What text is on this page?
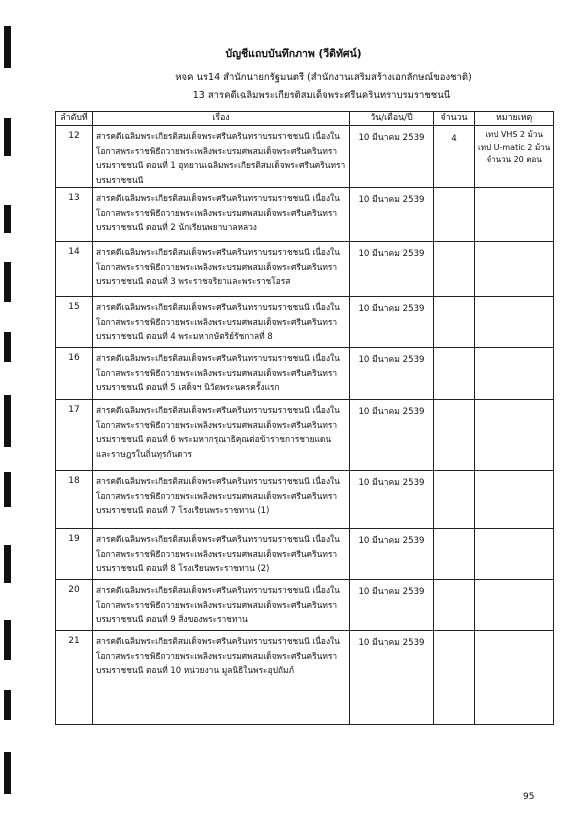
บัญชีแถบบันทึกภาพ (วีดิทัศน์)
หจค นร14 สำนักนายกรัฐมนตรี (สำนักงานเสริมสร้างเอกลักษณ์ของชาติ)
13 สารคดีเฉลิมพระเกียรติสมเด็จพระศรีนครินทราบรมราชชนนี
ลำดับที่	เรื่อง	วัน/เดือน/ปี	จำนวน	หมายเหตุ
12	สารคดีเฉลิมพระเกียรติสมเด็จพระศรีนครินทราบรมราชชนนี เนื่องใน
โอกาสพระราชพิธีถวายพระเพลิงพระบรมศพสมเด็จพระศรีนครินทรา
บรมราชชนนี ตอนที่ 1 อุทยานเฉลิมพระเกียรติสมเด็จพระศรีนครินทรา
บรมราชชนนี	10 มีนาคม 2539	4	เทป VHS 2 ม้วน
เทป U-matic 2 ม้วน
จำนวน 20 ตอน

13	สารคดีเฉลิมพระเกียรติสมเด็จพระศรีนครินทราบรมราชชนนี เนื่องใน
โอกาสพระราชพิธีถวายพระเพลิงพระบรมศพสมเด็จพระศรีนครินทรา
บรมราชชนนี ตอนที่ 2 นักเรียนพยาบาลหลวง	10 มีนาคม 2539		
14	สารคดีเฉลิมพระเกียรติสมเด็จพระศรีนครินทราบรมราชชนนี เนื่องใน
โอกาสพระราชพิธีถวายพระเพลิงพระบรมศพสมเด็จพระศรีนครินทรา
บรมราชชนนี ตอนที่ 3 พระราชจริยาและพระราชโอรส	10 มีนาคม 2539		
15	สารคดีเฉลิมพระเกียรติสมเด็จพระศรีนครินทราบรมราชชนนี เนื่องใน
โอกาสพระราชพิธีถวายพระเพลิงพระบรมศพสมเด็จพระศรีนครินทรา
บรมราชชนนี ตอนที่ 4 พระมหากษัตริย์รัชกาลที่ 8	10 มีนาคม 2539		
16	สารคดีเฉลิมพระเกียรติสมเด็จพระศรีนครินทราบรมราชชนนี เนื่องใน
โอกาสพระราชพิธีถวายพระเพลิงพระบรมศพสมเด็จพระศรีนครินทรา
บรมราชชนนี ตอนที่ 5 เสด็จฯ นิวัตพระนครครั้งแรก	10 มีนาคม 2539		
17	สารคดีเฉลิมพระเกียรติสมเด็จพระศรีนครินทราบรมราชชนนี เนื่องใน
โอกาสพระราชพิธีถวายพระเพลิงพระบรมศพสมเด็จพระศรีนครินทรา
บรมราชชนนี ตอนที่ 6 พระมหากรุณาธิคุณต่อข้าราชการชายแดน
และราษฎรในถิ่นทุรกันดาร	10 มีนาคม 2539		
18	สารคดีเฉลิมพระเกียรติสมเด็จพระศรีนครินทราบรมราชชนนี เนื่องใน
โอกาสพระราชพิธีถวายพระเพลิงพระบรมศพสมเด็จพระศรีนครินทรา
บรมราชชนนี ตอนที่ 7 โรงเรียนพระราชทาน (1)	10 มีนาคม 2539		
19	สารคดีเฉลิมพระเกียรติสมเด็จพระศรีนครินทราบรมราชชนนี เนื่องใน
โอกาสพระราชพิธีถวายพระเพลิงพระบรมศพสมเด็จพระศรีนครินทรา
บรมราชชนนี ตอนที่ 8 โรงเรียนพระราชทาน (2)	10 มีนาคม 2539		
20	สารคดีเฉลิมพระเกียรติสมเด็จพระศรีนครินทราบรมราชชนนี เนื่องใน
โอกาสพระราชพิธีถวายพระเพลิงพระบรมศพสมเด็จพระศรีนครินทรา
บรมราชชนนี ตอนที่ 9 สิ่งของพระราชทาน	10 มีนาคม 2539		
21	สารคดีเฉลิมพระเกียรติสมเด็จพระศรีนครินทราบรมราชชนนี เนื่องใน
โอกาสพระราชพิธีถวายพระเพลิงพระบรมศพสมเด็จพระศรีนครินทรา
บรมราชชนนี ตอนที่ 10 หน่วยงาน มูลนิธิในพระอุปถัมภ์	10 มีนาคม 2539		
95
